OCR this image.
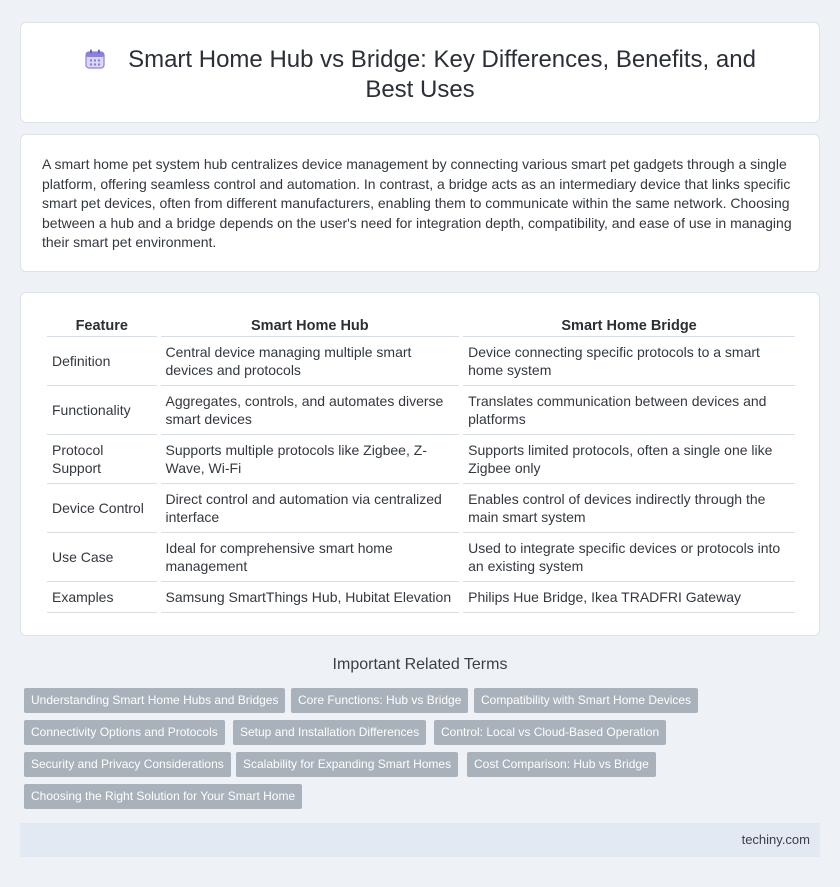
Smart Home Hub vs Bridge: Key Differences, Benefits, and Best Uses

A smart home pet system hub centralizes device management by connecting various smart pet gadgets through a single platform, offering seamless control and automation. In contrast, a bridge acts as an intermediary device that links specific smart pet devices, often from different manufacturers, enabling them to communicate within the same network. Choosing between a hub and a bridge depends on the user's need for integration depth, compatibility, and ease of use in managing their smart pet environment.

Feature	Smart Home Hub	Smart Home Bridge
Definition	Central device managing multiple smart devices and protocols	Device connecting specific protocols to a smart home system
Functionality	Aggregates, controls, and automates diverse smart devices	Translates communication between devices and platforms
Protocol Support	Supports multiple protocols like Zigbee, Z-Wave, Wi-Fi	Supports limited protocols, often a single one like Zigbee only
Device Control	Direct control and automation via centralized interface	Enables control of devices indirectly through the main smart system
Use Case	Ideal for comprehensive smart home management	Used to integrate specific devices or protocols into an existing system
Examples	Samsung SmartThings Hub, Hubitat Elevation	Philips Hue Bridge, Ikea TRADFRI Gateway
Important Related Terms
Understanding Smart Home Hubs and Bridges	Core Functions: Hub vs Bridge	Compatibility with Smart Home Devices
Connectivity Options and Protocols	Setup and Installation Differences	Control: Local vs Cloud-Based Operation
Security and Privacy Considerations	Scalability for Expanding Smart Homes	Cost Comparison: Hub vs Bridge
Choosing the Right Solution for Your Smart Home
techiny.com
